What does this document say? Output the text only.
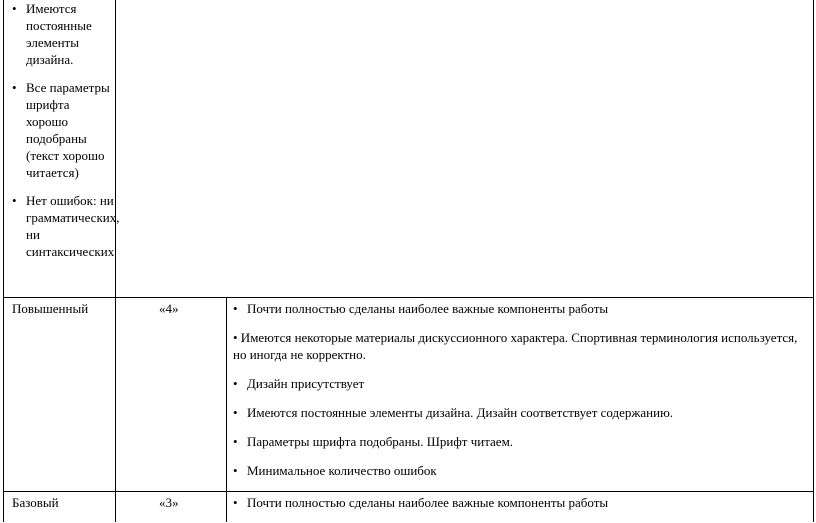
• Имеются постоянные элементы дизайна.
• Все параметры шрифта хорошо подобраны (текст хорошо читается)
• Нет ошибок: ни грамматических, ни синтаксических
Повышенный	«4»	• Почти полностью сделаны наиболее важные компоненты работы
• Имеются некоторые материалы дискуссионного характера. Спортивная терминология используется, но иногда не корректно.
• Дизайн присутствует
• Имеются постоянные элементы дизайна. Дизайн соответствует содержанию.
• Параметры шрифта подобраны. Шрифт читаем.
• Минимальное количество ошибок
Базовый	«3»	• Почти полностью сделаны наиболее важные компоненты работы
